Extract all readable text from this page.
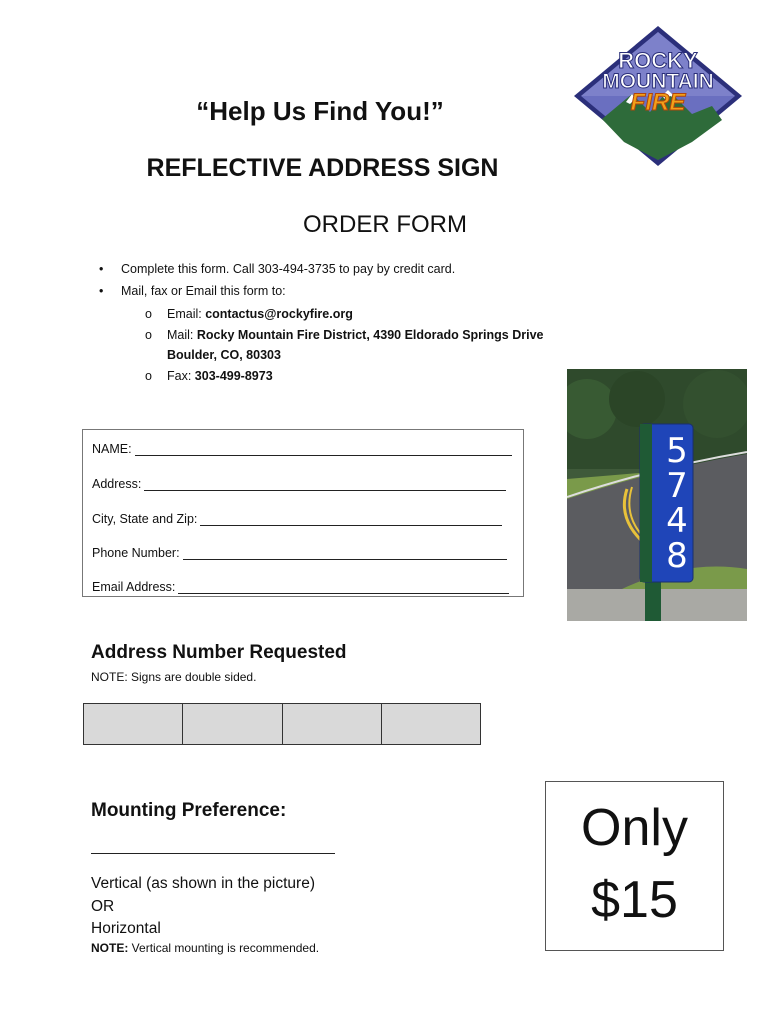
ROCKY
MOUNTAIN
FIRE
“Help Us Find You!”
REFLECTIVE ADDRESS SIGN
ORDER FORM
• Complete this form. Call 303-494-3735 to pay by credit card.
• Mail, fax or Email this form to:
o Email: contactus@rockyfire.org
o Mail: Rocky Mountain Fire District, 4390 Eldorado Springs Drive
Boulder, CO, 80303
o Fax: 303-499-8973
5
7
4
8
NAME:
Address:
City, State and Zip:
Phone Number:
Email Address:
Address Number Requested
NOTE: Signs are double sided.
Mounting Preference:
Vertical (as shown in the picture)
OR
Horizontal
NOTE: Vertical mounting is recommended.
Only
$15
